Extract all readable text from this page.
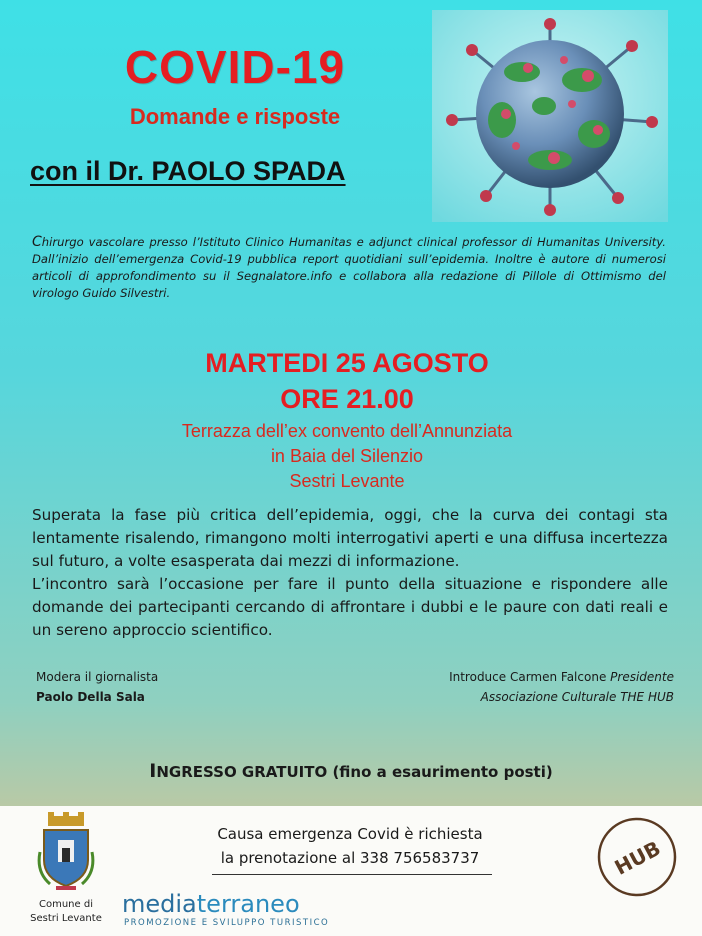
COVID-19
Domande e risposte
con il Dr. PAOLO SPADA
Chirurgo vascolare presso l’Istituto Clinico Humanitas e adjunct clinical professor di Humanitas University. Dall’inizio dell’emergenza Covid-19 pubblica report quotidiani sull’epidemia. Inoltre è autore di numerosi articoli di approfondimento su il Segnalatore.info e collabora alla redazione di Pillole di Ottimismo del virologo Guido Silvestri.
MARTEDI 25 AGOSTO
ORE 21.00
Terrazza dell’ex convento dell’Annunziata
in Baia del Silenzio
Sestri Levante

Superata la fase più critica dell’epidemia, oggi, che la curva dei contagi sta lentamente risalendo, rimangono molti interrogativi aperti e una diffusa incertezza sul futuro, a volte esasperata dai mezzi di informazione.

L’incontro sarà l’occasione per fare il punto della situazione e rispondere alle domande dei partecipanti cercando di affrontare i dubbi e le paure con dati reali e un sereno approccio scientifico.

Modera il giornalista
Paolo Della Sala
Introduce Carmen Falcone Presidente
Associazione Culturale THE HUB
INGRESSO GRATUITO (fino a esaurimento posti)
Comune di
Sestri Levante
Causa emergenza Covid è richiesta
la prenotazione al 338 756583737
mediaterraneo
PROMOZIONE E SVILUPPO TURISTICO
HUB
